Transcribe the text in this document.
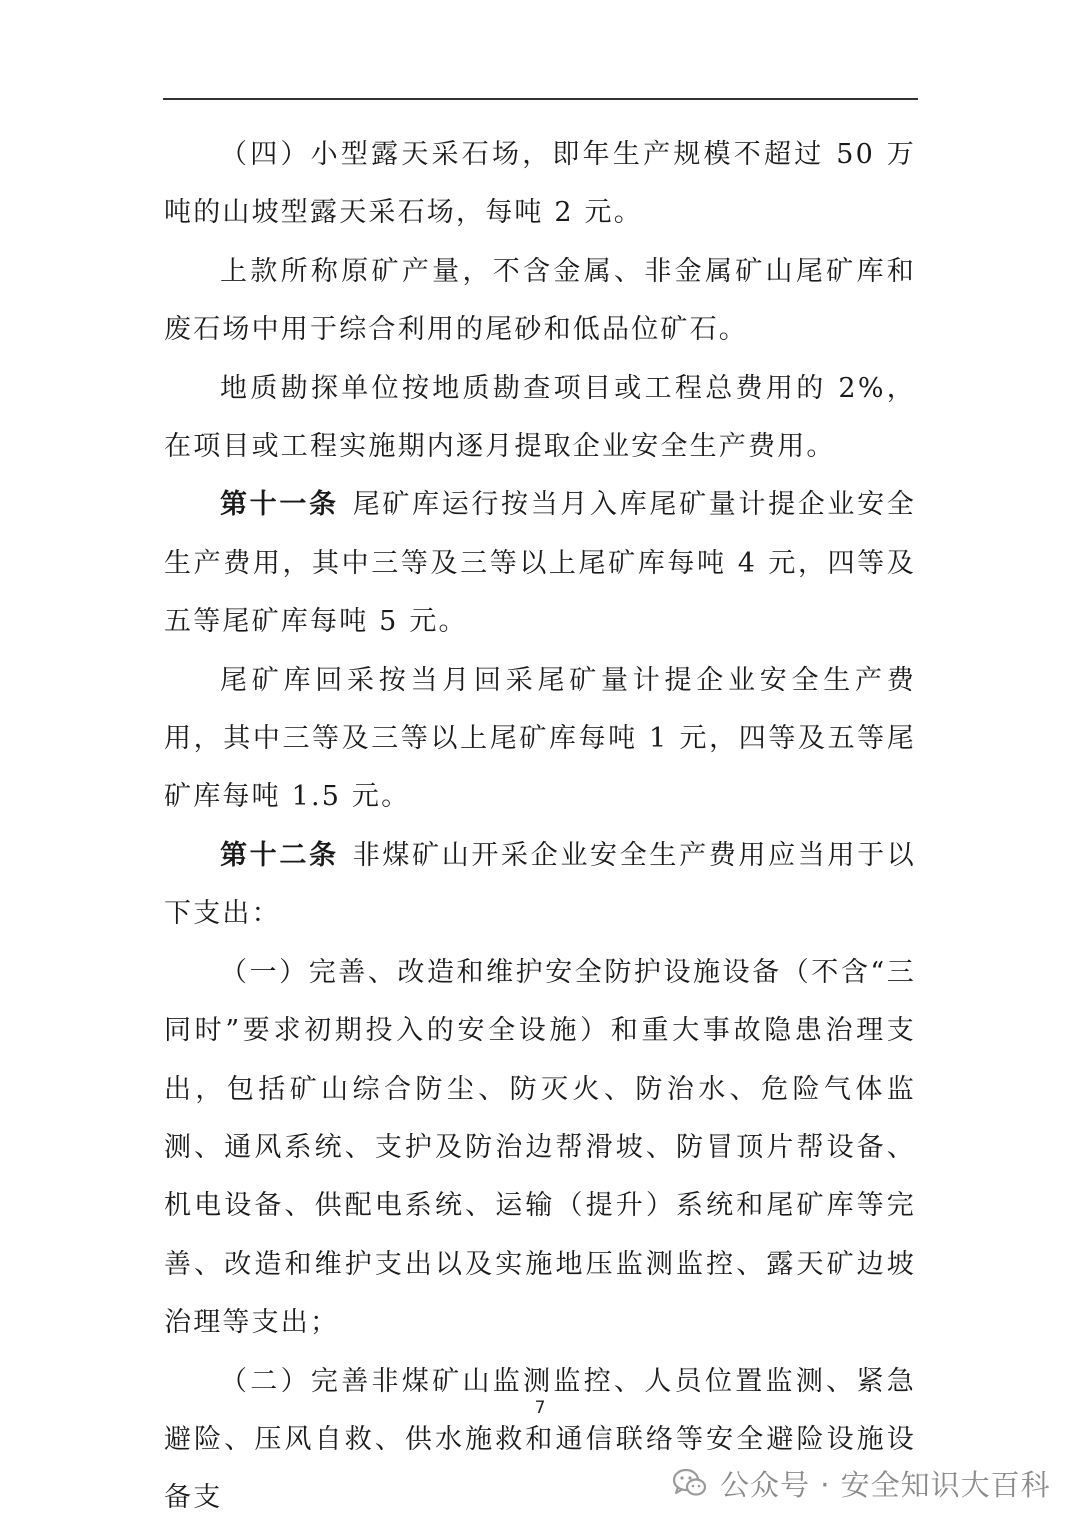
（四）小型露天采石场，即年生产规模不超过 50 万吨的山坡型露天采石场，每吨 2 元。

上款所称原矿产量，不含金属、非金属矿山尾矿库和废石场中用于综合利用的尾砂和低品位矿石。

地质勘探单位按地质勘查项目或工程总费用的 2%，在项目或工程实施期内逐月提取企业安全生产费用。

第十一条 尾矿库运行按当月入库尾矿量计提企业安全生产费用，其中三等及三等以上尾矿库每吨 4 元，四等及五等尾矿库每吨 5 元。

尾矿库回采按当月回采尾矿量计提企业安全生产费用，其中三等及三等以上尾矿库每吨 1 元，四等及五等尾矿库每吨 1.5 元。

第十二条 非煤矿山开采企业安全生产费用应当用于以下支出：

（一）完善、改造和维护安全防护设施设备（不含“三同时”要求初期投入的安全设施）和重大事故隐患治理支出，包括矿山综合防尘、防灭火、防治水、危险气体监测、通风系统、支护及防治边帮滑坡、防冒顶片帮设备、机电设备、供配电系统、运输（提升）系统和尾矿库等完善、改造和维护支出以及实施地压监测监控、露天矿边坡治理等支出；

（二）完善非煤矿山监测监控、人员位置监测、紧急避险、压风自救、供水施救和通信联络等安全避险设施设备支

7
公众号 · 安全知识大百科
